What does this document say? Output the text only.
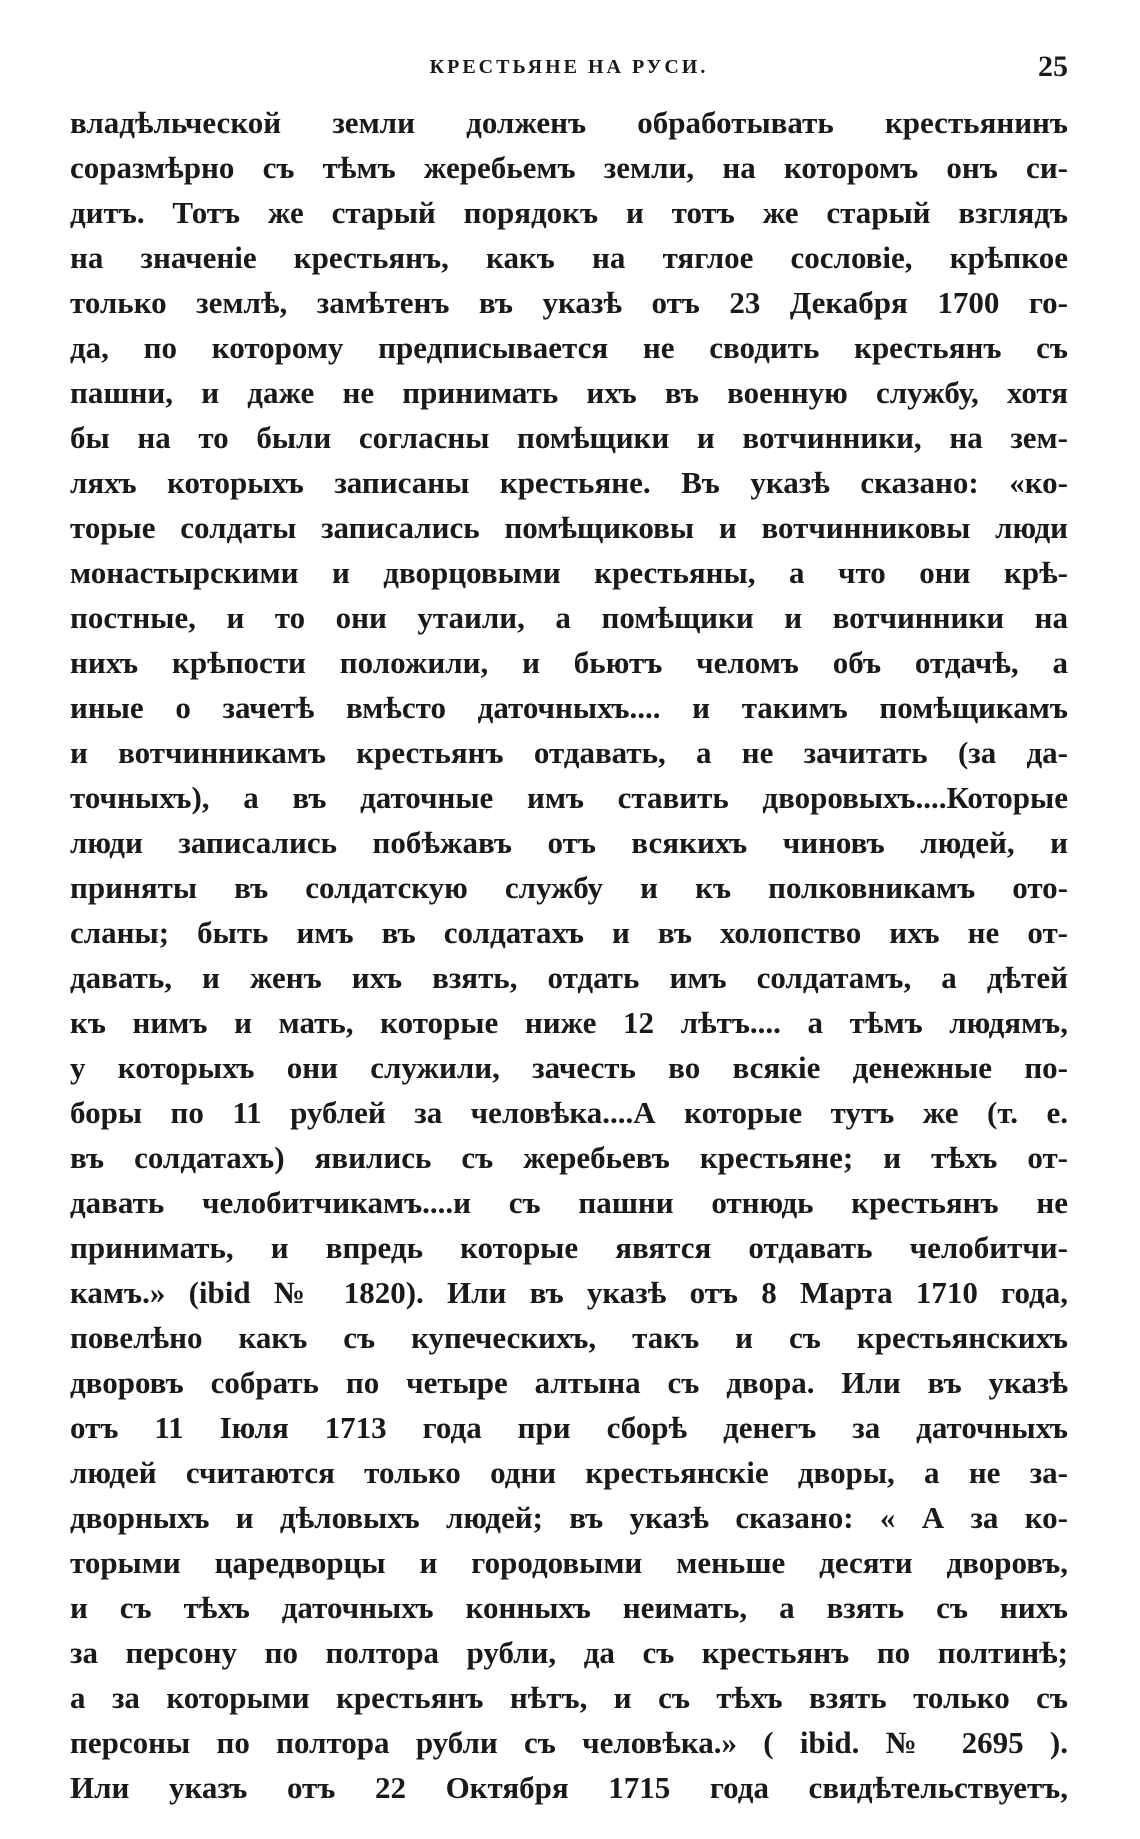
КРЕСТЬЯНЕ НА РУСИ.	25
владѣльческой земли долженъ обработывать крестьянинъ
соразмѣрно съ тѣмъ жеребьемъ земли, на которомъ онъ си-
дитъ. Тотъ же старый порядокъ и тотъ же старый взглядъ
на значеніе крестьянъ, какъ на тяглое сословіе, крѣпкое
только землѣ, замѣтенъ въ указѣ отъ 23 Декабря 1700 го-
да, по которому предписывается не сводить крестьянъ съ
пашни, и даже не принимать ихъ въ военную службу, хотя
бы на то были согласны помѣщики и вотчинники, на зем-
ляхъ которыхъ записаны крестьяне. Въ указѣ сказано: «ко-
торые солдаты записались помѣщиковы и вотчинниковы люди
монастырскими и дворцовыми крестьяны, а что они крѣ-
постные, и то они утаили, а помѣщики и вотчинники на
нихъ крѣпости положили, и бьютъ челомъ объ отдачѣ, а
иные о зачетѣ вмѣсто даточныхъ.... и такимъ помѣщикамъ
и вотчинникамъ крестьянъ отдавать, а не зачитать (за да-
точныхъ), а въ даточные имъ ставить дворовыхъ....Которые
люди записались побѣжавъ отъ всякихъ чиновъ людей, и
приняты въ солдатскую службу и къ полковникамъ ото-
сланы; быть имъ въ солдатахъ и въ холопство ихъ не от-
давать, и женъ ихъ взять, отдать имъ солдатамъ, а дѣтей
къ нимъ и мать, которые ниже 12 лѣтъ.... а тѣмъ людямъ,
у которыхъ они служили, зачесть во всякіе денежные по-
боры по 11 рублей за человѣка....А которые тутъ же (т. е.
въ солдатахъ) явились съ жеребьевъ крестьяне; и тѣхъ от-
давать челобитчикамъ....и съ пашни отнюдь крестьянъ не
принимать, и впредь которые явятся отдавать челобитчи-
камъ.» (ibid № 1820). Или въ указѣ отъ 8 Марта 1710 года,
повелѣно какъ съ купеческихъ, такъ и съ крестьянскихъ
дворовъ собрать по четыре алтына съ двора. Или въ указѣ
отъ 11 Іюля 1713 года при сборѣ денегъ за даточныхъ
людей считаются только одни крестьянскіе дворы, а не за-
дворныхъ и дѣловыхъ людей; въ указѣ сказано: « А за ко-
торыми царедворцы и городовыми меньше десяти дворовъ,
и съ тѣхъ даточныхъ конныхъ неимать, а взять съ нихъ
за персону по полтора рубли, да съ крестьянъ по полтинѣ;
а за которыми крестьянъ нѣтъ, и съ тѣхъ взять только съ
персоны по полтора рубли съ человѣка.» ( ibid. № 2695 ).
Или указъ отъ 22 Октября 1715 года свидѣтельствуетъ,
